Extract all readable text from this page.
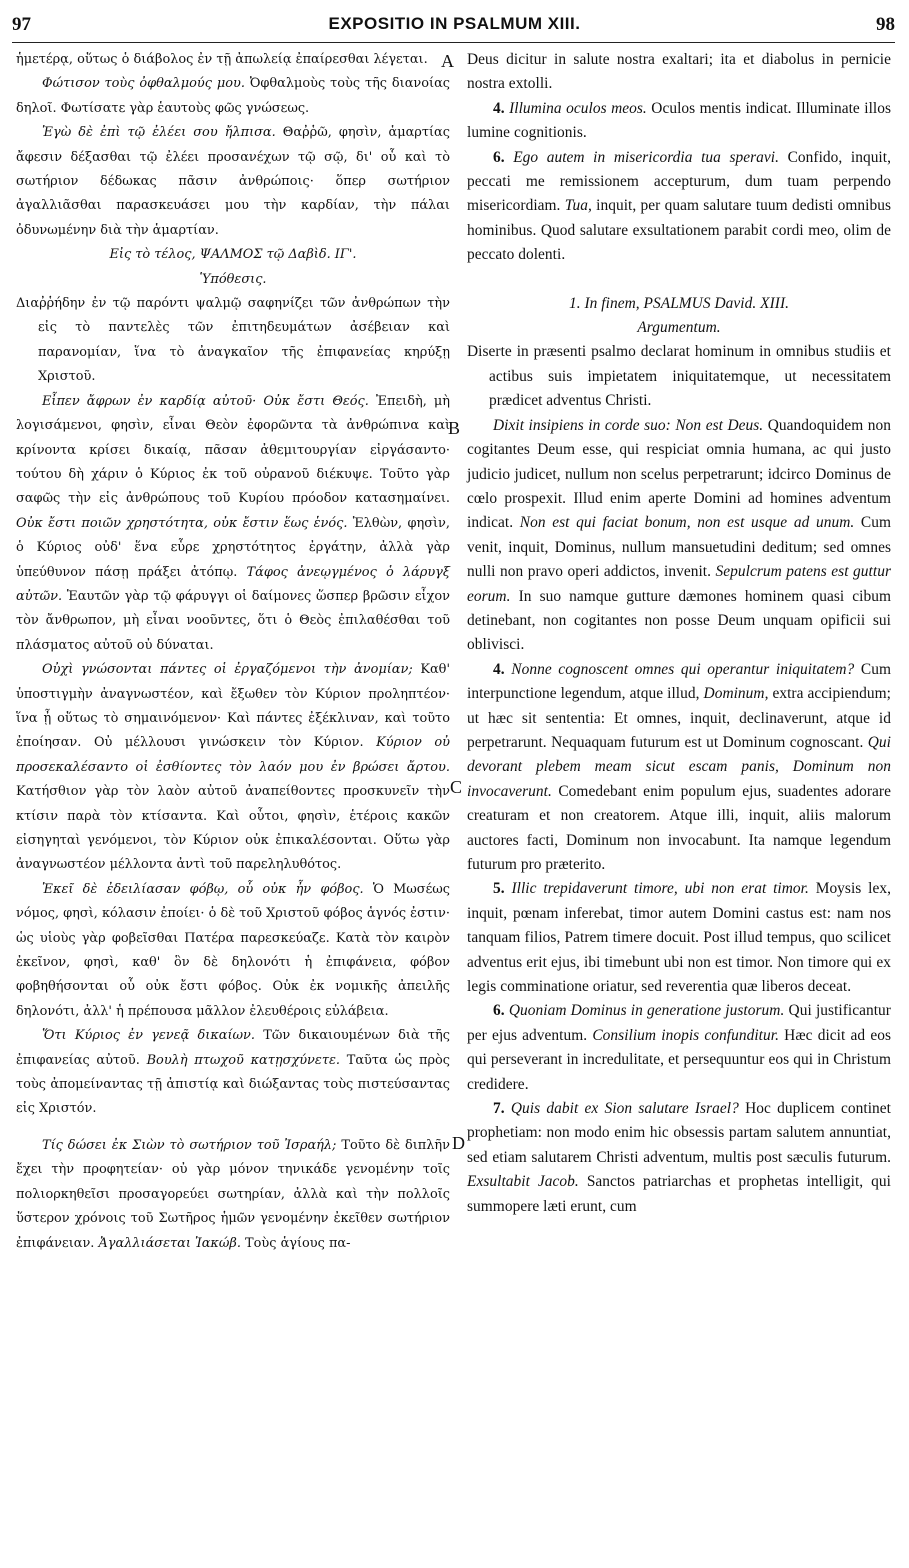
97	EXPOSITIO IN PSALMUM XIII.	98
A
B
C
D

ἡμετέρᾳ, οὕτως ὁ διάβολος ἐν τῇ ἀπωλείᾳ ἐπαίρεσθαι λέγεται.

Φώτισον τοὺς ὀφθαλμούς μου. Ὀφθαλμοὺς τοὺς τῆς διανοίας δηλοῖ. Φωτίσατε γὰρ ἑαυτοὺς φῶς γνώσεως.

Ἐγὼ δὲ ἐπὶ τῷ ἐλέει σου ἤλπισα. Θαῤῥῶ, φησὶν, ἁμαρτίας ἄφεσιν δέξασθαι τῷ ἐλέει προσανέχων τῷ σῷ, δι' οὗ καὶ τὸ σωτήριον δέδωκας πᾶσιν ἀνθρώποις· ὅπερ σωτήριον ἀγαλλιᾶσθαι παρασκευάσει μου τὴν καρδίαν, τὴν πάλαι ὀδυνωμένην διὰ τὴν ἁμαρτίαν.

Εἰς τὸ τέλος, ΨΑΛΜΟΣ τῷ Δαβὶδ. ΙΓ'.

Ὑπόθεσις.

Διαῤῥήδην ἐν τῷ παρόντι ψαλμῷ σαφηνίζει τῶν ἀνθρώπων τὴν εἰς τὸ παντελὲς τῶν ἐπιτηδευμάτων ἀσέβειαν καὶ παρανομίαν, ἵνα τὸ ἀναγκαῖον τῆς ἐπιφανείας κηρύξῃ Χριστοῦ.

Εἶπεν ἄφρων ἐν καρδίᾳ αὐτοῦ· Οὐκ ἔστι Θεός. Ἐπειδὴ, μὴ λογισάμενοι, φησὶν, εἶναι Θεὸν ἐφορῶντα τὰ ἀνθρώπινα καὶ κρίνοντα κρίσει δικαίᾳ, πᾶσαν ἀθεμιτουργίαν εἰργάσαντο· τούτου δὴ χάριν ὁ Κύριος ἐκ τοῦ οὐρανοῦ διέκυψε. Τοῦτο γὰρ σαφῶς τὴν εἰς ἀνθρώπους τοῦ Κυρίου πρόοδον κατασημαίνει. Οὐκ ἔστι ποιῶν χρηστότητα, οὐκ ἔστιν ἕως ἑνός. Ἐλθὼν, φησὶν, ὁ Κύριος οὐδ' ἕνα εὗρε χρηστότητος ἐργάτην, ἀλλὰ γὰρ ὑπεύθυνον πάσῃ πράξει ἀτόπῳ. Τάφος ἀνεῳγμένος ὁ λάρυγξ αὐτῶν. Ἑαυτῶν γὰρ τῷ φάρυγγι οἱ δαίμονες ὥσπερ βρῶσιν εἶχον τὸν ἄνθρωπον, μὴ εἶναι νοοῦντες, ὅτι ὁ Θεὸς ἐπιλαθέσθαι τοῦ πλάσματος αὐτοῦ οὐ δύναται.

Οὐχὶ γνώσονται πάντες οἱ ἐργαζόμενοι τὴν ἀνομίαν; Καθ' ὑποστιγμὴν ἀναγνωστέον, καὶ ἔξωθεν τὸν Κύριον προληπτέον· ἵνα ᾖ οὕτως τὸ σημαινόμενον· Καὶ πάντες ἐξέκλιναν, καὶ τοῦτο ἐποίησαν. Οὐ μέλλουσι γινώσκειν τὸν Κύριον. Κύριον οὐ προσεκαλέσαντο οἱ ἐσθίοντες τὸν λαόν μου ἐν βρώσει ἄρτου. Κατήσθιον γὰρ τὸν λαὸν αὐτοῦ ἀναπείθοντες προσκυνεῖν τὴν κτίσιν παρὰ τὸν κτίσαντα. Καὶ οὗτοι, φησὶν, ἑτέροις κακῶν εἰσηγηταὶ γενόμενοι, τὸν Κύριον οὐκ ἐπικαλέσονται. Οὕτω γὰρ ἀναγνωστέον μέλλοντα ἀντὶ τοῦ παρεληλυθότος.

Ἐκεῖ δὲ ἐδειλίασαν φόβῳ, οὗ οὐκ ἦν φόβος. Ὁ Μωσέως νόμος, φησὶ, κόλασιν ἐποίει· ὁ δὲ τοῦ Χριστοῦ φόβος ἁγνός ἐστιν· ὡς υἱοὺς γὰρ φοβεῖσθαι Πατέρα παρεσκεύαζε. Κατὰ τὸν καιρὸν ἐκεῖνον, φησὶ, καθ' ὃν δὲ δηλονότι ἡ ἐπιφάνεια, φόβον φοβηθήσονται οὗ οὐκ ἔστι φόβος. Οὐκ ἐκ νομικῆς ἀπειλῆς δηλονότι, ἀλλ' ἡ πρέπουσα μᾶλλον ἐλευθέροις εὐλάβεια.

Ὅτι Κύριος ἐν γενεᾷ δικαίων. Τῶν δικαιουμένων διὰ τῆς ἐπιφανείας αὐτοῦ. Βουλὴ πτωχοῦ κατῃσχύνετε. Ταῦτα ὡς πρὸς τοὺς ἀπομείναντας τῇ ἀπιστίᾳ καὶ διώξαντας τοὺς πιστεύσαντας εἰς Χριστόν.

Τίς δώσει ἐκ Σιὼν τὸ σωτήριον τοῦ Ἰσραήλ; Τοῦτο δὲ διπλῆν ἔχει τὴν προφητείαν· οὐ γὰρ μόνον τηνικάδε γενομένην τοῖς πολιορκηθεῖσι προσαγορεύει σωτηρίαν, ἀλλὰ καὶ τὴν πολλοῖς ὕστερον χρόνοις τοῦ Σωτῆρος ἡμῶν γενομένην ἐκεῖθεν σωτήριον ἐπιφάνειαν. Ἀγαλλιάσεται Ἰακώβ. Τοὺς ἁγίους πα-

Deus dicitur in salute nostra exaltari; ita et diabolus in pernicie nostra extolli.

4. Illumina oculos meos. Oculos mentis indicat. Illuminate illos lumine cognitionis.

6. Ego autem in misericordia tua speravi. Confido, inquit, peccati me remissionem accepturum, dum tuam perpendo misericordiam. Tua, inquit, per quam salutare tuum dedisti omnibus hominibus. Quod salutare exsultationem parabit cordi meo, olim de peccato dolenti.

1. In finem, PSALMUS David. XIII.

Argumentum.

Diserte in præsenti psalmo declarat hominum in omnibus studiis et actibus suis impietatem iniquitatemque, ut necessitatem prædicet adventus Christi.

Dixit insipiens in corde suo: Non est Deus. Quandoquidem non cogitantes Deum esse, qui respiciat omnia humana, ac qui justo judicio judicet, nullum non scelus perpetrarunt; idcirco Dominus de cœlo prospexit. Illud enim aperte Domini ad homines adventum indicat. Non est qui faciat bonum, non est usque ad unum. Cum venit, inquit, Dominus, nullum mansuetudini deditum; sed omnes nulli non pravo operi addictos, invenit. Sepulcrum patens est guttur eorum. In suo namque gutture dæmones hominem quasi cibum detinebant, non cogitantes non posse Deum unquam opificii sui oblivisci.

4. Nonne cognoscent omnes qui operantur iniquitatem? Cum interpunctione legendum, atque illud, Dominum, extra accipiendum; ut hæc sit sententia: Et omnes, inquit, declinaverunt, atque id perpetrarunt. Nequaquam futurum est ut Dominum cognoscant. Qui devorant plebem meam sicut escam panis, Dominum non invocaverunt. Comedebant enim populum ejus, suadentes adorare creaturam et non creatorem. Atque illi, inquit, aliis malorum auctores facti, Dominum non invocabunt. Ita namque legendum futurum pro præterito.

5. Illic trepidaverunt timore, ubi non erat timor. Moysis lex, inquit, pœnam inferebat, timor autem Domini castus est: nam nos tanquam filios, Patrem timere docuit. Post illud tempus, quo scilicet adventus erit ejus, ibi timebunt ubi non est timor. Non timore qui ex legis comminatione oriatur, sed reverentia quæ liberos deceat.

6. Quoniam Dominus in generatione justorum. Qui justificantur per ejus adventum. Consilium inopis confunditur. Hæc dicit ad eos qui perseverant in incredulitate, et persequuntur eos qui in Christum credidere.

7. Quis dabit ex Sion salutare Israel? Hoc duplicem continet prophetiam: non modo enim hic obsessis partam salutem annuntiat, sed etiam salutarem Christi adventum, multis post sæculis futurum. Exsultabit Jacob. Sanctos patriarchas et prophetas intelligit, qui summopere læti erunt, cum
